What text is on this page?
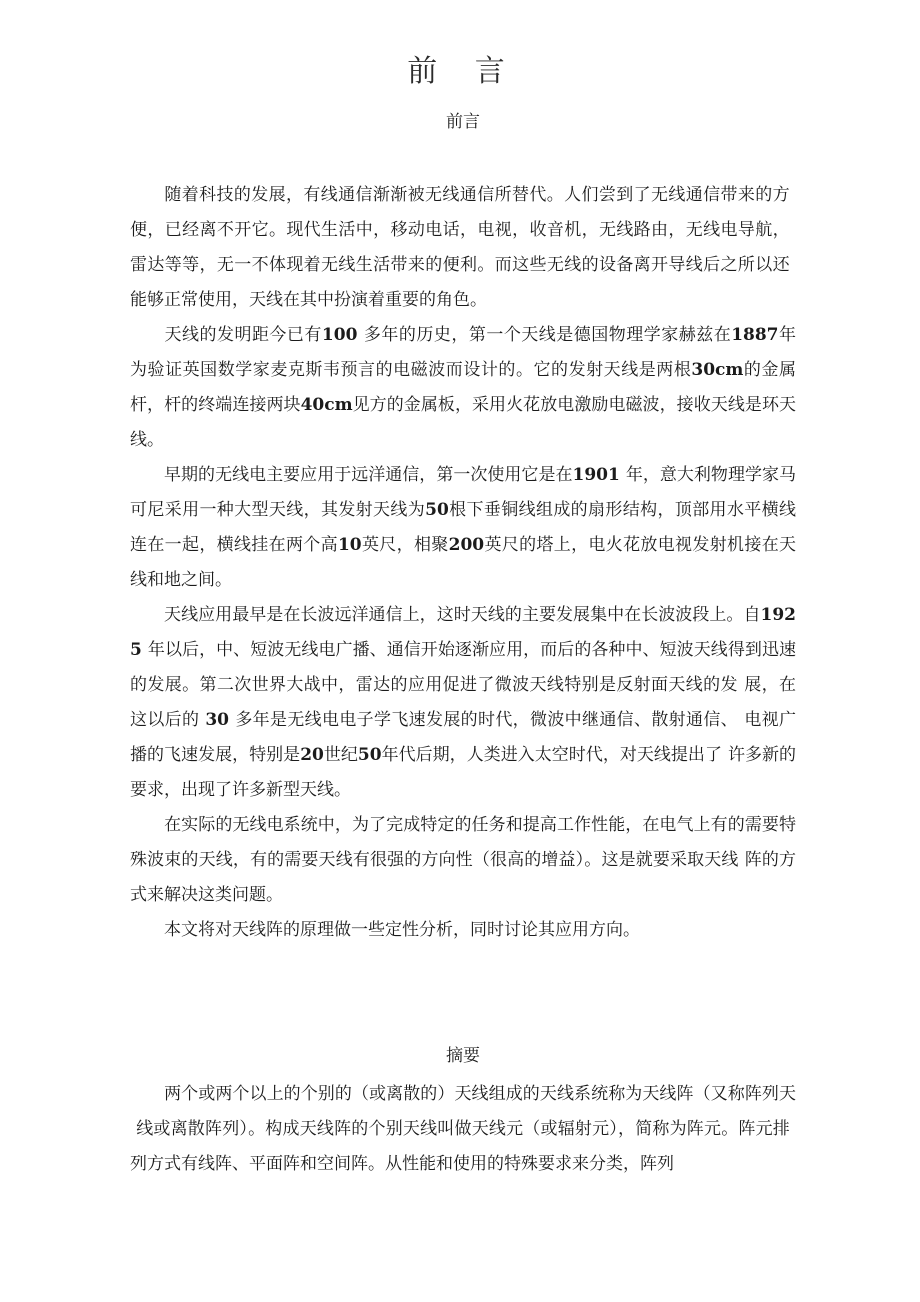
前 言
前言

随着科技的发展，有线通信渐渐被无线通信所替代。人们尝到了无线通信带来的方便，已经离不开它。现代生活中，移动电话，电视，收音机，无线路由，无线电导航，雷达等等，无一不体现着无线生活带来的便利。而这些无线的设备离开导线后之所以还能够正常使用，天线在其中扮演着重要的角色。

天线的发明距今已有100 多年的历史，第一个天线是德国物理学家赫兹在1887年为验证英国数学家麦克斯韦预言的电磁波而设计的。它的发射天线是两根30cm的金属杆，杆的终端连接两块40cm见方的金属板，采用火花放电激励电磁波，接收天线是环天线。

早期的无线电主要应用于远洋通信，第一次使用它是在1901 年，意大利物理学家马可尼采用一种大型天线，其发射天线为50根下垂铜线组成的扇形结构，顶部用水平横线连在一起，横线挂在两个高10英尺，相聚200英尺的塔上，电火花放电视发射机接在天线和地之间。

天线应用最早是在长波远洋通信上，这时天线的主要发展集中在长波波段上。自1925 年以后，中、短波无线电广播、通信开始逐渐应用，而后的各种中、短波天线得到迅速的发展。第二次世界大战中，雷达的应用促进了微波天线特别是反射面天线的发 展，在这以后的 30 多年是无线电电子学飞速发展的时代，微波中继通信、散射通信、 电视广播的飞速发展，特别是20世纪50年代后期，人类进入太空时代，对天线提出了 许多新的要求，出现了许多新型天线。

在实际的无线电系统中，为了完成特定的任务和提高工作性能，在电气上有的需要特殊波束的天线，有的需要天线有很强的方向性（很高的增益）。这是就要采取天线 阵的方式来解决这类问题。

本文将对天线阵的原理做一些定性分析，同时讨论其应用方向。

摘要

两个或两个以上的个别的（或离散的）天线组成的天线系统称为天线阵（又称阵列天线或离散阵列）。构成天线阵的个别天线叫做天线元（或辐射元），简称为阵元。阵元排列方式有线阵、平面阵和空间阵。从性能和使用的特殊要求来分类，阵列
